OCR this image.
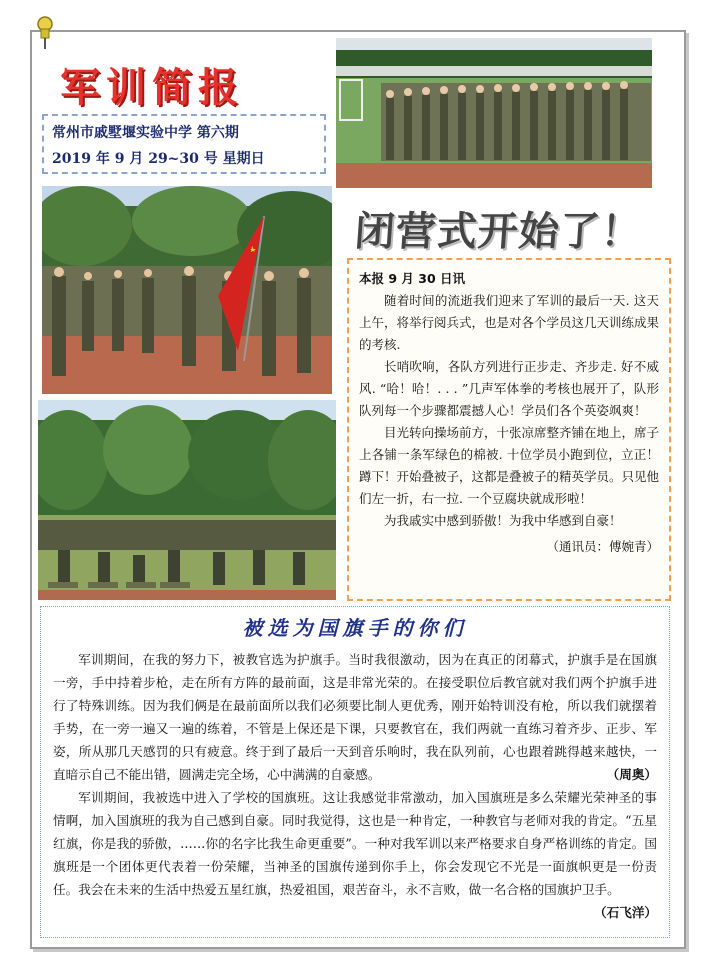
军训简报
常州市戚墅堰实验中学 第六期
2019 年 9 月 29~30 号 星期日
闭营式开始了！
本报 9 月 30 日讯

随着时间的流逝我们迎来了军训的最后一天. 这天上午，将举行阅兵式，也是对各个学员这几天训练成果的考核.

长哨吹响，各队方列进行正步走、齐步走. 好不威风. “哈！哈！. . . ”几声军体拳的考核也展开了，队形队列每一个步骤都震撼人心！学员们各个英姿飒爽！

目光转向操场前方，十张凉席整齐铺在地上，席子上各铺一条军绿色的棉被. 十位学员小跑到位，立正！蹲下！开始叠被子，这都是叠被子的精英学员。只见他们左一折，右一拉. 一个豆腐块就成形啦！

为我戚实中感到骄傲！为我中华感到自豪！

（通讯员：傅婉青）
被选为国旗手的你们

军训期间，在我的努力下，被教官选为护旗手。当时我很激动，因为在真正的闭幕式，护旗手是在国旗一旁，手中持着步枪，走在所有方阵的最前面，这是非常光荣的。在接受职位后教官就对我们两个护旗手进行了特殊训练。因为我们俩是在最前面所以我们必须要比制人更优秀，刚开始特训没有枪，所以我们就摆着手势，在一旁一遍又一遍的练着，不管是上保还是下课，只要教官在，我们两就一直练习着齐步、正步、军姿，所从那几天感罚的只有疲意。终于到了最后一天到音乐响时，我在队列前，心也跟着跳得越来越快，一直暗示自己不能出错，圆满走完全场，心中满满的自豪感。	（周奥）

军训期间，我被选中进入了学校的国旗班。这让我感觉非常激动，加入国旗班是多么荣耀光荣神圣的事情啊，加入国旗班的我为自己感到自豪。同时我觉得，这也是一种肯定，一种教官与老师对我的肯定。“五星红旗，你是我的骄傲，……你的名字比我生命更重要”。一种对我军训以来严格要求自身严格训练的肯定。国旗班是一个团体更代表着一份荣耀，当神圣的国旗传递到你手上，你会发现它不光是一面旗帜更是一份责任。我会在未来的生活中热爱五星红旗，热爱祖国，艰苦奋斗，永不言败，做一名合格的国旗护卫手。
（石飞洋）
